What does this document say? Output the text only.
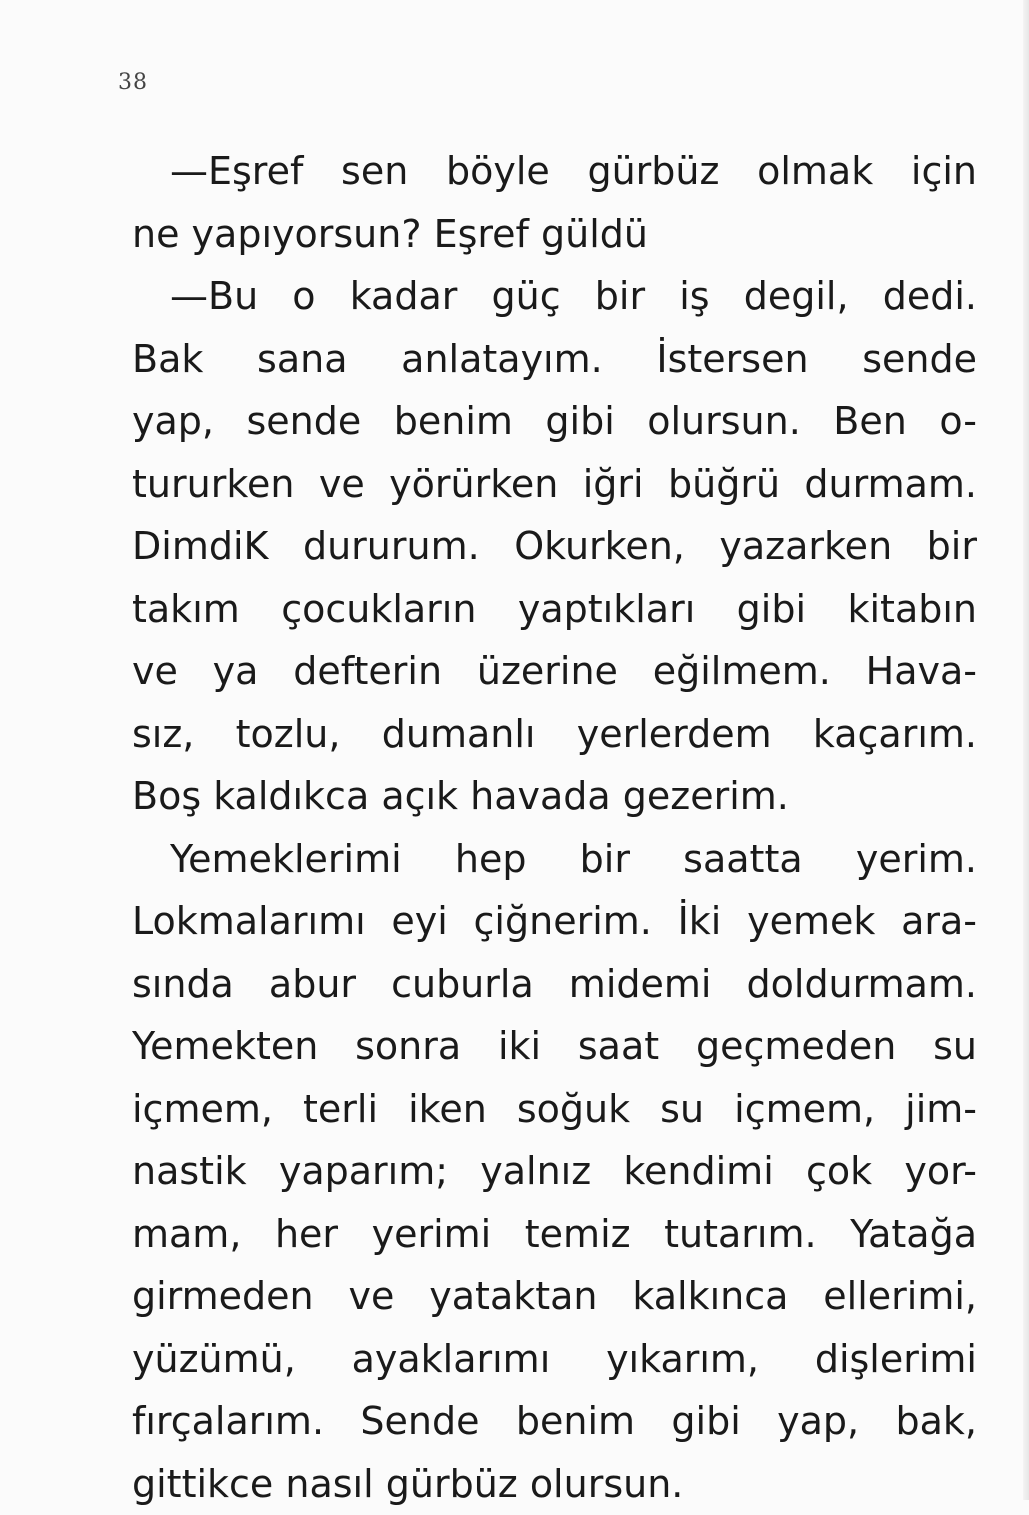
38
—Eşref sen böyle gürbüz olmak için
ne yapıyorsun? Eşref güldü
—Bu o kadar güç bir iş degil, dedi.
Bak sana anlatayım. İstersen sende
yap, sende benim gibi olursun. Ben o-
tururken ve yörürken iğri büğrü durmam.
DimdiK dururum. Okurken, yazarken bir
takım çocukların yaptıkları gibi kitabın
ve ya defterin üzerine eğilmem. Hava-
sız, tozlu, dumanlı yerlerdem kaçarım.
Boş kaldıkca açık havada gezerim.
Yemeklerimi hep bir saatta yerim.
Lokmalarımı eyi çiğnerim. İki yemek ara-
sında abur cuburla midemi doldurmam.
Yemekten sonra iki saat geçmeden su
içmem, terli iken soğuk su içmem, jim-
nastik yaparım; yalnız kendimi çok yor-
mam, her yerimi temiz tutarım. Yatağa
girmeden ve yataktan kalkınca ellerimi,
yüzümü, ayaklarımı yıkarım, dişlerimi
fırçalarım. Sende benim gibi yap, bak,
gittikce nasıl gürbüz olursun.
